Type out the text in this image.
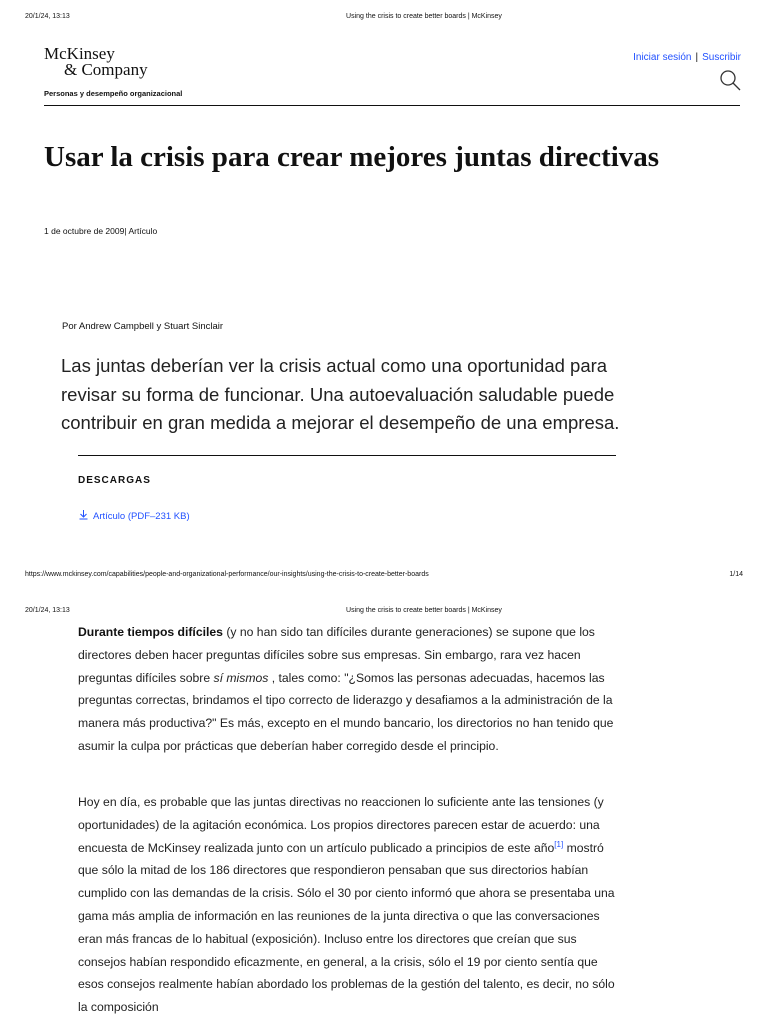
20/1/24, 13:13	Using the crisis to create better boards | McKinsey
McKinsey
& Company
Personas y desempeño organizacional
Iniciar sesión | Suscribir
Usar la crisis para crear mejores juntas directivas
1 de octubre de 2009| Artículo
Por Andrew Campbell y Stuart Sinclair
Las juntas deberían ver la crisis actual como una oportunidad para revisar su forma de funcionar. Una autoevaluación saludable puede contribuir en gran medida a mejorar el desempeño de una empresa.
DESCARGAS
Artículo (PDF–231 KB)
https://www.mckinsey.com/capabilities/people-and-organizational-performance/our-insights/using-the-crisis-to-create-better-boards	1/14
20/1/24, 13:13	Using the crisis to create better boards | McKinsey

Durante tiempos difíciles (y no han sido tan difíciles durante generaciones) se supone que los directores deben hacer preguntas difíciles sobre sus empresas. Sin embargo, rara vez hacen preguntas difíciles sobre sí mismos , tales como: "¿Somos las personas adecuadas, hacemos las preguntas correctas, brindamos el tipo correcto de liderazgo y desafiamos a la administración de la manera más productiva?" Es más, excepto en el mundo bancario, los directorios no han tenido que asumir la culpa por prácticas que deberían haber corregido desde el principio.

Hoy en día, es probable que las juntas directivas no reaccionen lo suficiente ante las tensiones (y oportunidades) de la agitación económica. Los propios directores parecen estar de acuerdo: una encuesta de McKinsey realizada junto con un artículo publicado a principios de este año[1] mostró que sólo la mitad de los 186 directores que respondieron pensaban que sus directorios habían cumplido con las demandas de la crisis. Sólo el 30 por ciento informó que ahora se presentaba una gama más amplia de información en las reuniones de la junta directiva o que las conversaciones eran más francas de lo habitual (exposición). Incluso entre los directores que creían que sus consejos habían respondido eficazmente, en general, a la crisis, sólo el 19 por ciento sentía que esos consejos realmente habían abordado los problemas de la gestión del talento, es decir, no sólo la composición
